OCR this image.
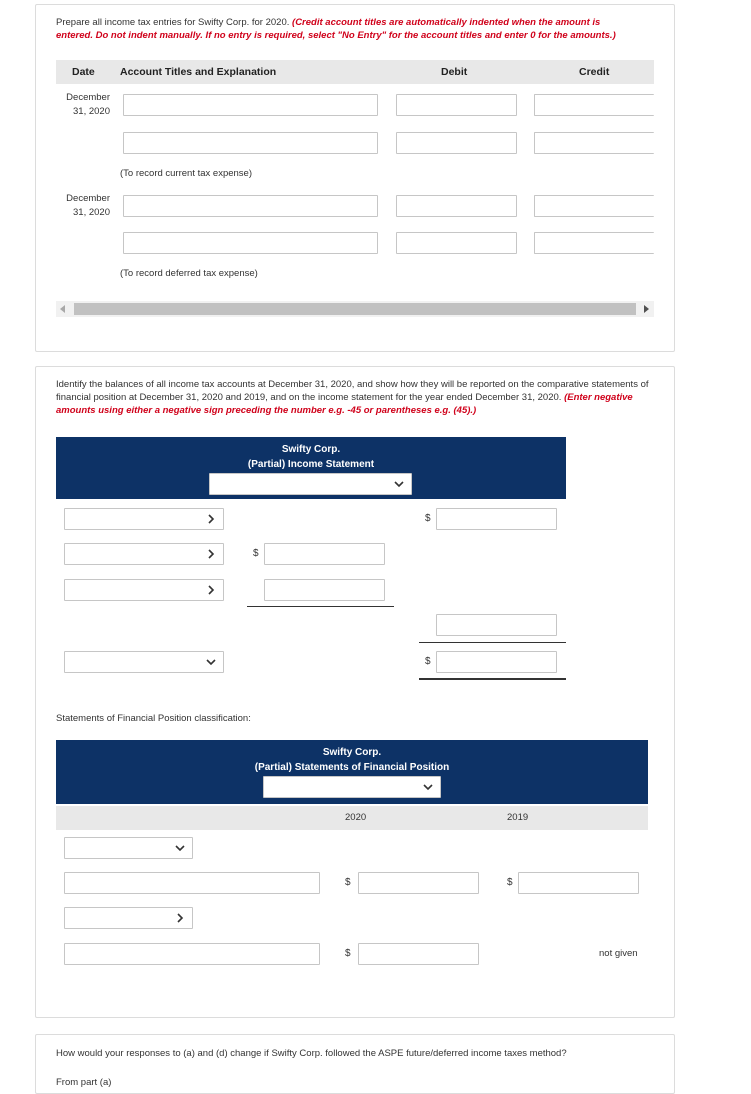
Prepare all income tax entries for Swifty Corp. for 2020. (Credit account titles are automatically indented when the amount is entered. Do not indent manually. If no entry is required, select "No Entry" for the account titles and enter 0 for the amounts.)
Date Account Titles and Explanation	Debit	Credit
December
31, 2020
(To record current tax expense)
December
31, 2020
(To record deferred tax expense)
Identify the balances of all income tax accounts at December 31, 2020, and show how they will be reported on the comparative statements of financial position at December 31, 2020 and 2019, and on the income statement for the year ended December 31, 2020. (Enter negative amounts using either a negative sign preceding the number e.g. -45 or parentheses e.g. (45).)
Swifty Corp.
(Partial) Income Statement
$
$
$
Statements of Financial Position classification:
Swifty Corp.
(Partial) Statements of Financial Position
2020	2019
$	$
$	not given
How would your responses to (a) and (d) change if Swifty Corp. followed the ASPE future/deferred income taxes method?
From part (a)
